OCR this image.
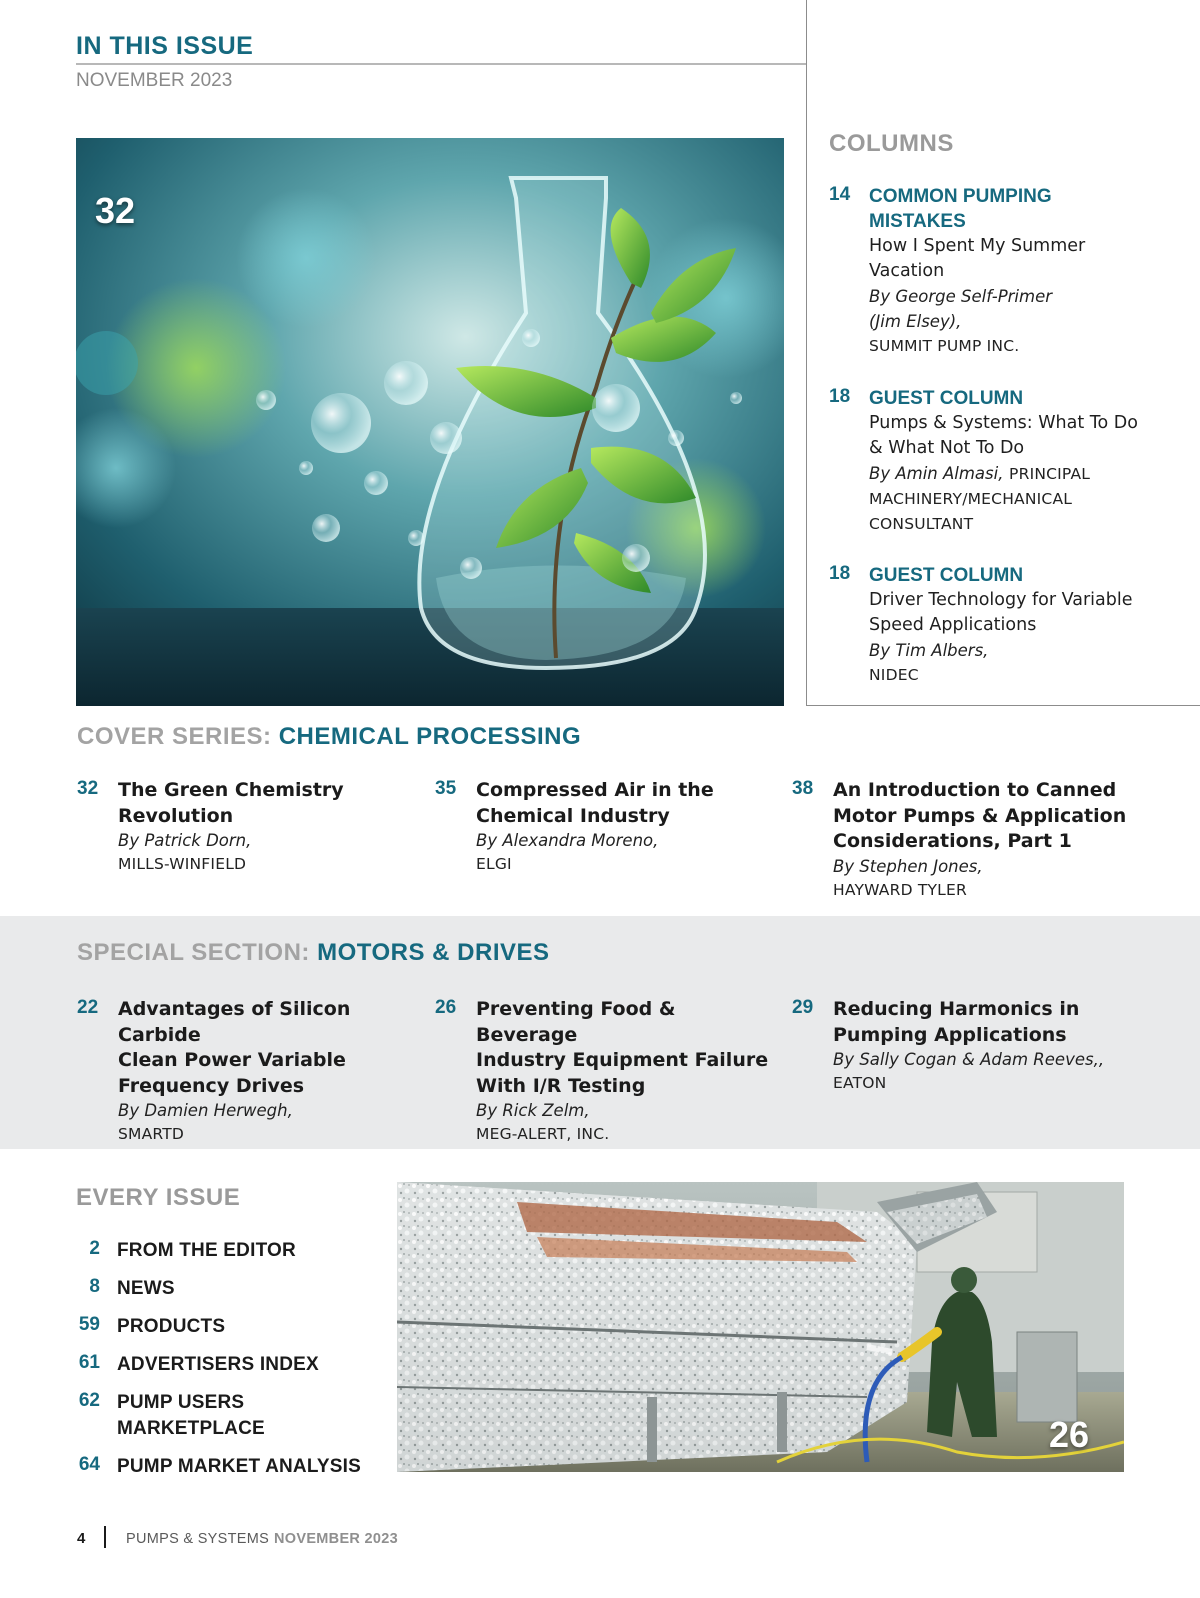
IN THIS ISSUE
NOVEMBER 2023
COLUMNS
14 COMMON PUMPING
MISTAKES
How I Spent My Summer
Vacation
By George Self-Primer
(Jim Elsey),
SUMMIT PUMP INC.
18 GUEST COLUMN
Pumps & Systems: What To Do
& What Not To Do
By Amin Almasi, PRINCIPAL
MACHINERY/MECHANICAL
CONSULTANT
18 GUEST COLUMN
Driver Technology for Variable
Speed Applications
By Tim Albers,
NIDEC
32
COVER SERIES: CHEMICAL PROCESSING
32 The Green Chemistry
Revolution
By Patrick Dorn,
MILLS-WINFIELD
35 Compressed Air in the
Chemical Industry
By Alexandra Moreno,
ELGI
38 An Introduction to Canned
Motor Pumps & Application
Considerations, Part 1
By Stephen Jones,
HAYWARD TYLER
SPECIAL SECTION: MOTORS & DRIVES
22 Advantages of Silicon Carbide
Clean Power Variable
Frequency Drives
By Damien Herwegh,
SMARTD
26 Preventing Food & Beverage
Industry Equipment Failure
With I/R Testing
By Rick Zelm,
MEG-ALERT, INC.
29 Reducing Harmonics in
Pumping Applications
By Sally Cogan & Adam Reeves,,
EATON
EVERY ISSUE
2 FROM THE EDITOR
8 NEWS
59 PRODUCTS
61 ADVERTISERS INDEX
62 PUMP USERS
MARKETPLACE
64 PUMP MARKET ANALYSIS
26
4	PUMPS & SYSTEMS NOVEMBER 2023
